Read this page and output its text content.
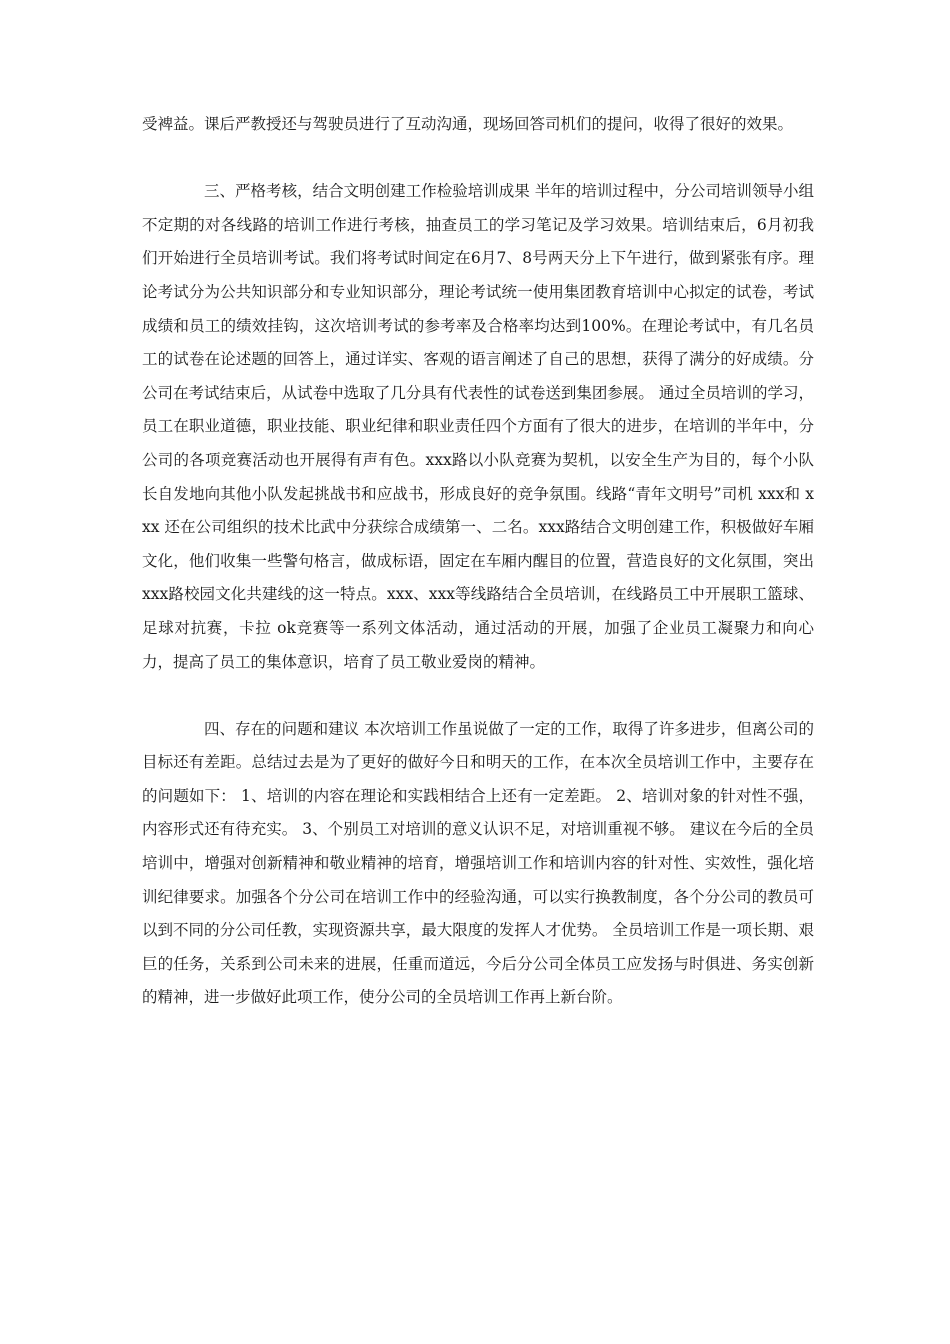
受裨益。课后严教授还与驾驶员进行了互动沟通，现场回答司机们的提问，收得了很好的效果。

三、严格考核，结合文明创建工作检验培训成果 半年的培训过程中，分公司培训领导小组不定期的对各线路的培训工作进行考核，抽查员工的学习笔记及学习效果。培训结束后，6月初我们开始进行全员培训考试。我们将考试时间定在6月7、8号两天分上下午进行，做到紧张有序。理论考试分为公共知识部分和专业知识部分，理论考试统一使用集团教育培训中心拟定的试卷，考试成绩和员工的绩效挂钩，这次培训考试的参考率及合格率均达到100%。在理论考试中，有几名员工的试卷在论述题的回答上，通过详实、客观的语言阐述了自己的思想，获得了满分的好成绩。分公司在考试结束后，从试卷中选取了几分具有代表性的试卷送到集团参展。 通过全员培训的学习，员工在职业道德，职业技能、职业纪律和职业责任四个方面有了很大的进步，在培训的半年中，分公司的各项竞赛活动也开展得有声有色。xxx路以小队竞赛为契机，以安全生产为目的，每个小队长自发地向其他小队发起挑战书和应战书，形成良好的竞争氛围。线路“青年文明号”司机 xxx和 xxx 还在公司组织的技术比武中分获综合成绩第一、二名。xxx路结合文明创建工作，积极做好车厢文化，他们收集一些警句格言，做成标语，固定在车厢内醒目的位置，营造良好的文化氛围，突出 xxx路校园文化共建线的这一特点。xxx、xxx等线路结合全员培训，在线路员工中开展职工篮球、足球对抗赛，卡拉 ok竞赛等一系列文体活动，通过活动的开展，加强了企业员工凝聚力和向心力，提高了员工的集体意识，培育了员工敬业爱岗的精神。

四、存在的问题和建议 本次培训工作虽说做了一定的工作，取得了许多进步，但离公司的目标还有差距。总结过去是为了更好的做好今日和明天的工作，在本次全员培训工作中，主要存在的问题如下： 1、培训的内容在理论和实践相结合上还有一定差距。 2、培训对象的针对性不强，内容形式还有待充实。 3、个别员工对培训的意义认识不足，对培训重视不够。 建议在今后的全员培训中，增强对创新精神和敬业精神的培育，增强培训工作和培训内容的针对性、实效性，强化培训纪律要求。加强各个分公司在培训工作中的经验沟通，可以实行换教制度，各个分公司的教员可以到不同的分公司任教，实现资源共享，最大限度的发挥人才优势。 全员培训工作是一项长期、艰巨的任务，关系到公司未来的进展，任重而道远，今后分公司全体员工应发扬与时俱进、务实创新的精神，进一步做好此项工作，使分公司的全员培训工作再上新台阶。
